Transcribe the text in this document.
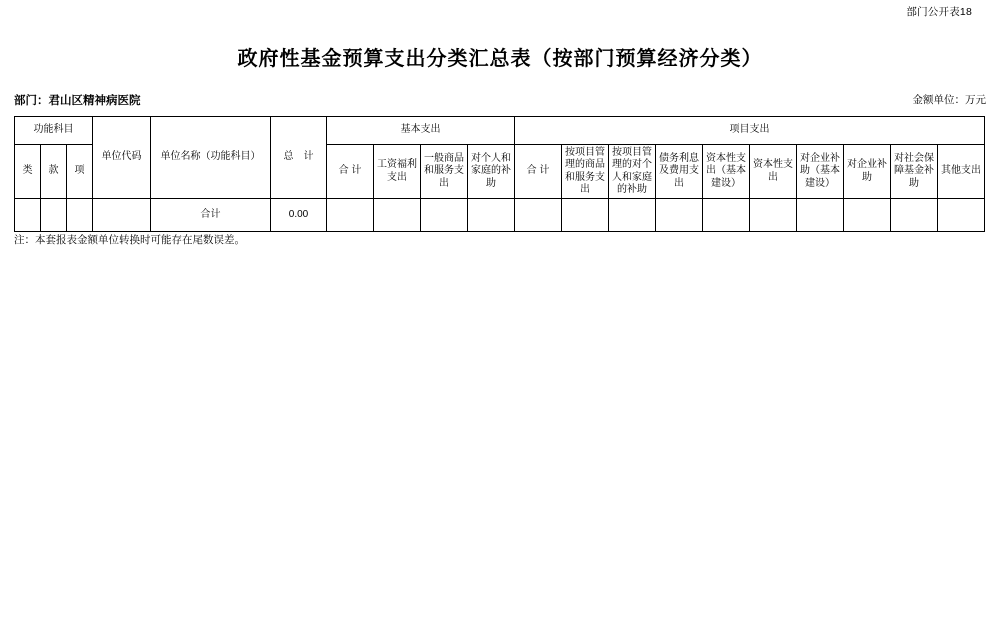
部门公开表18
政府性基金预算支出分类汇总表（按部门预算经济分类）
部门：君山区精神病医院	金额单位：万元
功能科目			单位代码	单位名称（功能科目）	总　计	基本支出				项目支出									
类	款	项				合 计	工资福利支出	一般商品和服务支出	对个人和家庭的补助	合 计	按项目管理的商品和服务支出	按项目管理的对个人和家庭的补助	债务利息及费用支出	资本性支出（基本建设）	资本性支出	对企业补助（基本建设）	对企业补助	对社会保障基金补助	其他支出
				合计	0.00														
注：本套报表金额单位转换时可能存在尾数误差。
